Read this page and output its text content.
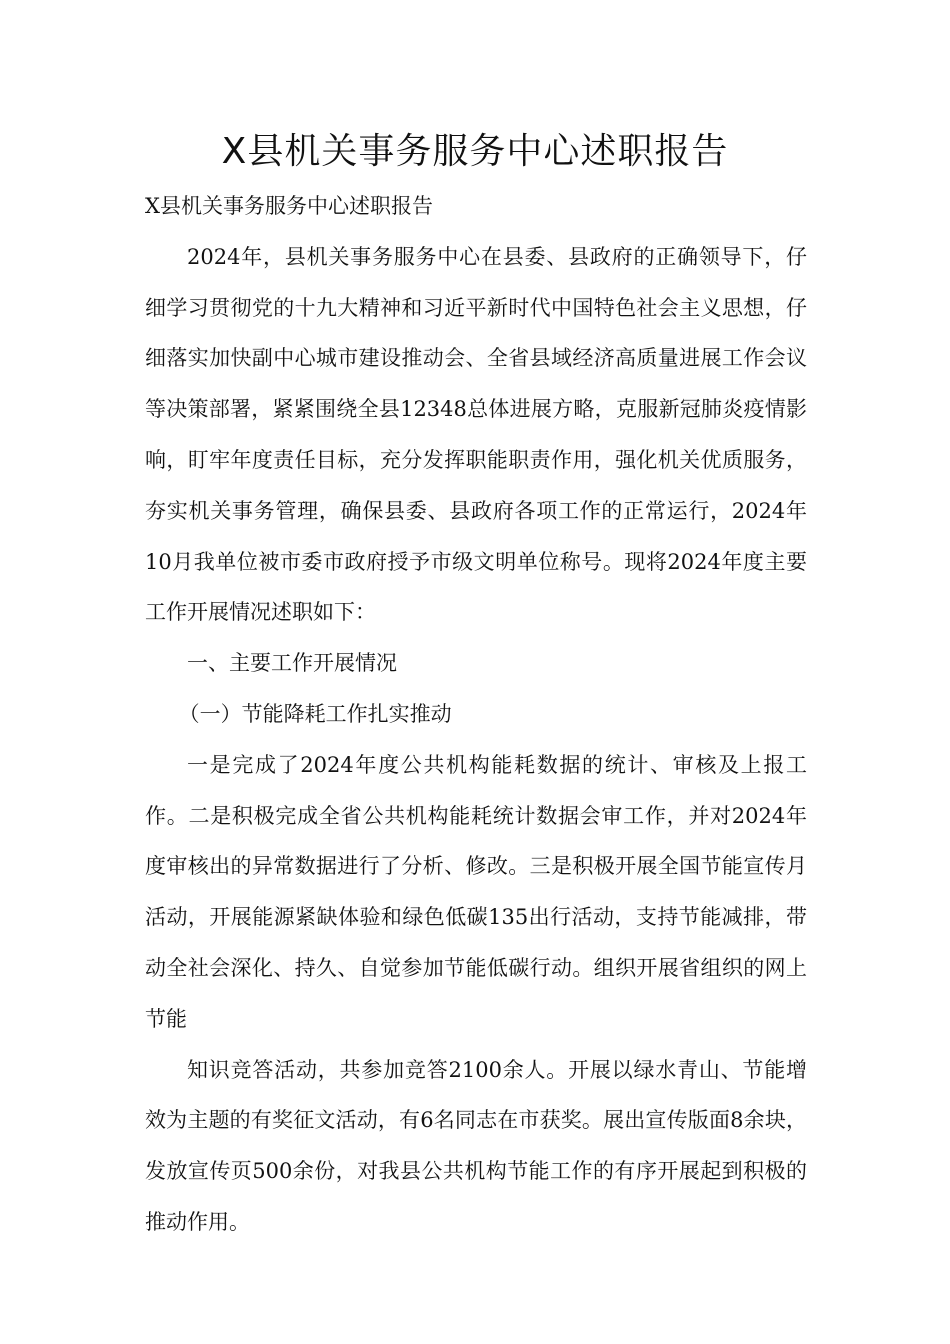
X县机关事务服务中心述职报告

X县机关事务服务中心述职报告

2024年，县机关事务服务中心在县委、县政府的正确领导下，仔细学习贯彻党的十九大精神和习近平新时代中国特色社会主义思想，仔细落实加快副中心城市建设推动会、全省县域经济高质量进展工作会议等决策部署，紧紧围绕全县12348总体进展方略，克服新冠肺炎疫情影响，盯牢年度责任目标，充分发挥职能职责作用，强化机关优质服务，夯实机关事务管理，确保县委、县政府各项工作的正常运行，2024年10月我单位被市委市政府授予市级文明单位称号。现将2024年度主要工作开展情况述职如下：

一、主要工作开展情况

（一）节能降耗工作扎实推动

一是完成了2024年度公共机构能耗数据的统计、审核及上报工作。二是积极完成全省公共机构能耗统计数据会审工作，并对2024年度审核出的异常数据进行了分析、修改。三是积极开展全国节能宣传月活动，开展能源紧缺体验和绿色低碳135出行活动，支持节能减排，带动全社会深化、持久、自觉参加节能低碳行动。组织开展省组织的网上节能

知识竞答活动，共参加竞答2100余人。开展以绿水青山、节能增效为主题的有奖征文活动，有6名同志在市获奖。展出宣传版面8余块，发放宣传页500余份，对我县公共机构节能工作的有序开展起到积极的推动作用。
